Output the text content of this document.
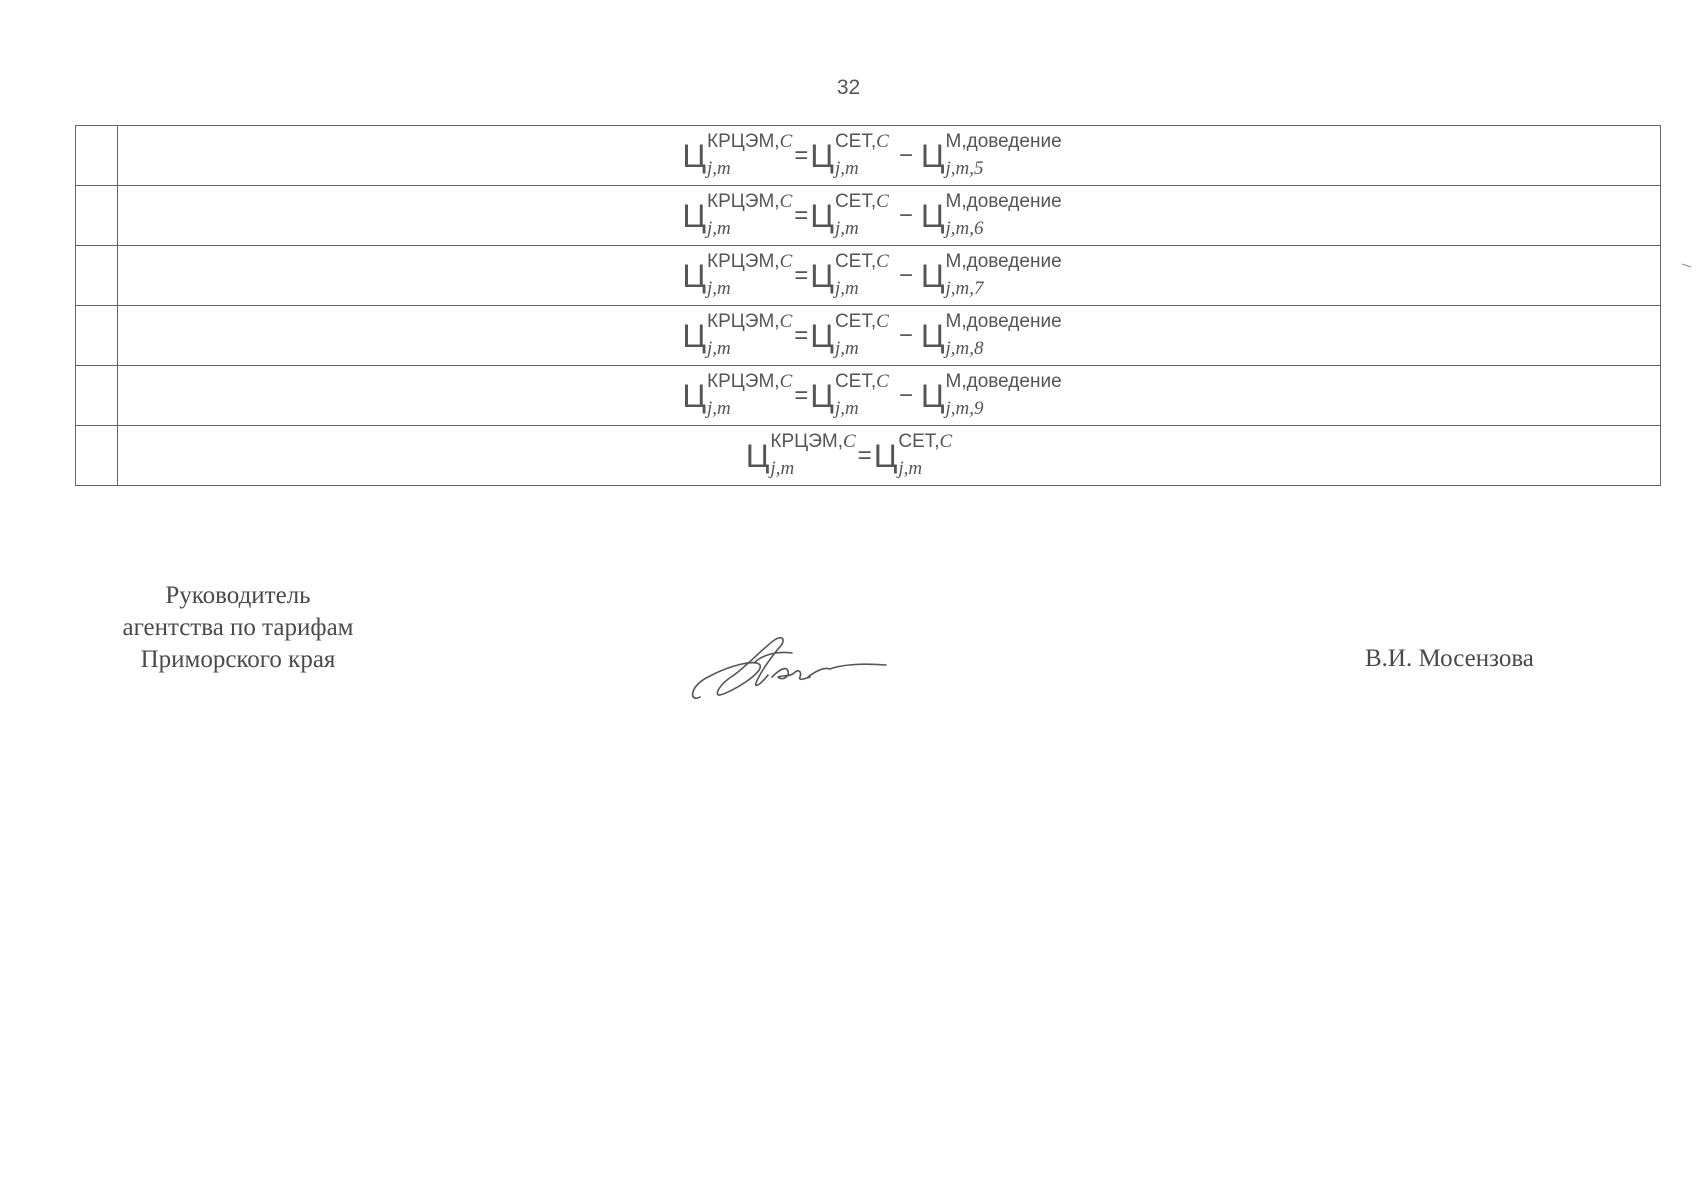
32
Ц КРЦЭМ,C
j,m	= Ц СЕТ,C
j,m	− Ц М,доведение
j,m,5
Ц КРЦЭМ,C
j,m	= Ц СЕТ,C
j,m	− Ц М,доведение
j,m,6
Ц КРЦЭМ,C
j,m	= Ц СЕТ,C
j,m	− Ц М,доведение
j,m,7
Ц КРЦЭМ,C
j,m	= Ц СЕТ,C
j,m	− Ц М,доведение
j,m,8
Ц КРЦЭМ,C
j,m	= Ц СЕТ,C
j,m	− Ц М,доведение
j,m,9
Ц КРЦЭМ,C
j,m	= Ц СЕТ,C
j,m
Руководитель
агентства по тарифам
Приморского края	В.И. Мосензова
